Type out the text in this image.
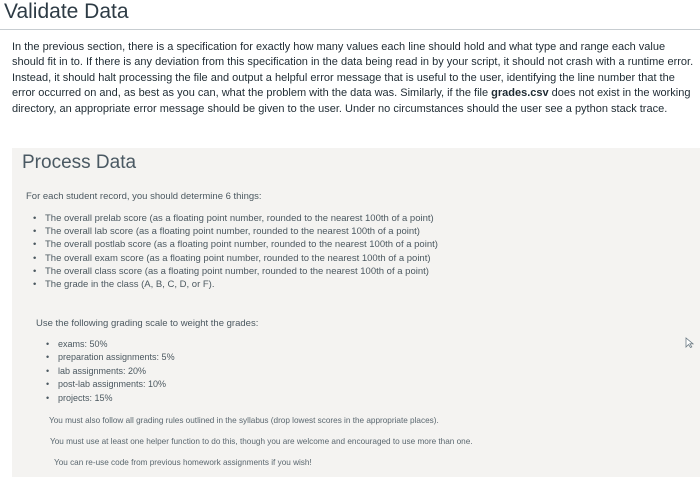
Validate Data

In the previous section, there is a specification for exactly how many values each line should hold and what type and range each value should fit in to. If there is any deviation from this specification in the data being read in by your script, it should not crash with a runtime error. Instead, it should halt processing the file and output a helpful error message that is useful to the user, identifying the line number that the error occurred on and, as best as you can, what the problem with the data was. Similarly, if the file grades.csv does not exist in the working directory, an appropriate error message should be given to the user. Under no circumstances should the user see a python stack trace.

Process Data

For each student record, you should determine 6 things:

• The overall prelab score (as a floating point number, rounded to the nearest 100th of a point)
• The overall lab score (as a floating point number, rounded to the nearest 100th of a point)
• The overall postlab score (as a floating point number, rounded to the nearest 100th of a point)
• The overall exam score (as a floating point number, rounded to the nearest 100th of a point)
• The overall class score (as a floating point number, rounded to the nearest 100th of a point)
• The grade in the class (A, B, C, D, or F).

Use the following grading scale to weight the grades:

• exams: 50%
• preparation assignments: 5%
• lab assignments: 20%
• post-lab assignments: 10%
• projects: 15%

You must also follow all grading rules outlined in the syllabus (drop lowest scores in the appropriate places).

You must use at least one helper function to do this, though you are welcome and encouraged to use more than one.

You can re-use code from previous homework assignments if you wish!
